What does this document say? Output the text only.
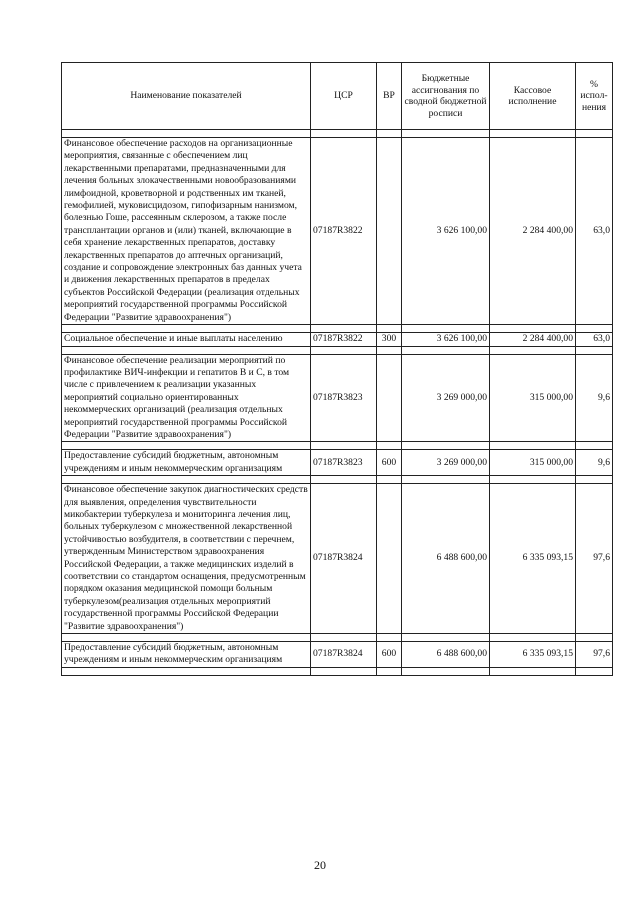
Наименование показателей	ЦСР	ВР	Бюджетные ассигнования по сводной бюджетной росписи	Кассовое исполнение	% испол- нения

Финансовое обеспечение расходов на организационные мероприятия, связанные с обеспечением лиц лекарственными препаратами, предназначенными для лечения больных злокачественными новообразованиями лимфоидной, кроветворной и родственных им тканей, гемофилией, муковисцидозом, гипофизарным нанизмом, болезнью Гоше, рассеянным склерозом, а также после трансплантации органов и (или) тканей, включающие в себя хранение лекарственных препаратов, доставку лекарственных препаратов до аптечных организаций, создание и сопровождение электронных баз данных учета и движения лекарственных препаратов в пределах субъектов Российской Федерации (реализация отдельных мероприятий государственной программы Российской Федерации "Развитие здравоохранения")	07187R3822		3 626 100,00	2 284 400,00	63,0

Социальное обеспечение и иные выплаты населению	07187R3822	300	3 626 100,00	2 284 400,00	63,0

Финансовое обеспечение реализации мероприятий по профилактике ВИЧ-инфекции и гепатитов B и C, в том числе с привлечением к реализации указанных мероприятий социально ориентированных некоммерческих организаций (реализация отдельных мероприятий государственной программы Российской Федерации "Развитие здравоохранения")	07187R3823		3 269 000,00	315 000,00	9,6

Предоставление субсидий бюджетным, автономным учреждениям и иным некоммерческим организациям	07187R3823	600	3 269 000,00	315 000,00	9,6

Финансовое обеспечение закупок диагностических средств для выявления, определения чувствительности микобактерии туберкулеза и мониторинга лечения лиц, больных туберкулезом с множественной лекарственной устойчивостью возбудителя, в соответствии с перечнем, утвержденным Министерством здравоохранения Российской Федерации, а также медицинских изделий в соответствии со стандартом оснащения, предусмотренным порядком оказания медицинской помощи больным туберкулезом(реализация отдельных мероприятий государственной программы Российской Федерации "Развитие здравоохранения")	07187R3824		6 488 600,00	6 335 093,15	97,6

Предоставление субсидий бюджетным, автономным учреждениям и иным некоммерческим организациям	07187R3824	600	6 488 600,00	6 335 093,15	97,6

20
